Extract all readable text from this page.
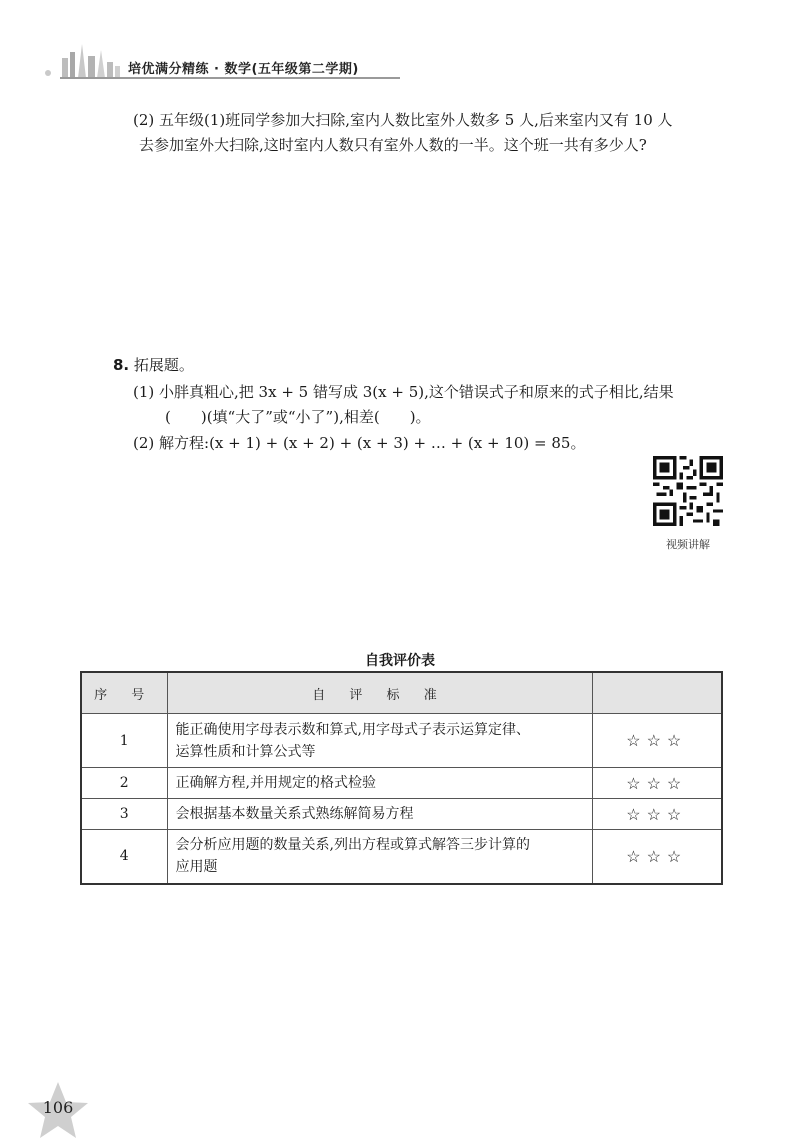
培优满分精练 · 数学(五年级第二学期)
(2) 五年级(1)班同学参加大扫除,室内人数比室外人数多 5 人,后来室内又有 10 人
去参加室外大扫除,这时室内人数只有室外人数的一半。这个班一共有多少人?
8. 拓展题。
(1) 小胖真粗心,把 3x + 5 错写成 3(x + 5),这个错误式子和原来的式子相比,结果
(　　)(填“大了”或“小了”),相差(　　)。
(2) 解方程:(x + 1) + (x + 2) + (x + 3) + … + (x + 10) = 85。
视频讲解
自我评价表
序 号	自 评 标 准	
1	能正确使用字母表示数和算式,用字母式子表示运算定律、
运算性质和计算公式等	☆☆☆
2	正确解方程,并用规定的格式检验	☆☆☆
3	会根据基本数量关系式熟练解简易方程	☆☆☆
4	会分析应用题的数量关系,列出方程或算式解答三步计算的
应用题	☆☆☆
106
